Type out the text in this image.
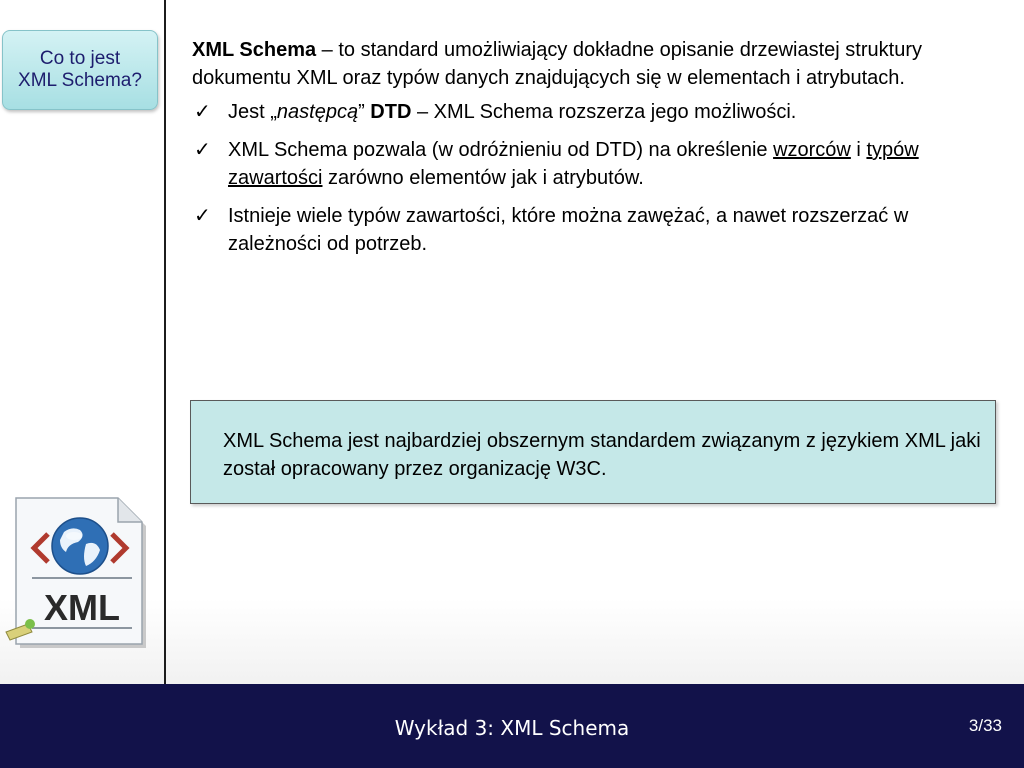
Co to jest
XML Schema?
XML

XML Schema – to standard umożliwiający dokładne opisanie drzewiastej struktury dokumentu XML oraz typów danych znajdujących się w elementach i atrybutach.

✓ Jest „następcą” DTD – XML Schema rozszerza jego możliwości.
✓ XML Schema pozwala (w odróżnieniu od DTD) na określenie wzorców i typów zawartości zarówno elementów jak i atrybutów.
✓ Istnieje wiele typów zawartości, które można zawężać, a nawet rozszerzać w zależności od potrzeb.

XML Schema jest najbardziej obszernym standardem związanym z językiem XML jaki został opracowany przez organizację W3C.

Wykład 3: XML Schema	3/33
